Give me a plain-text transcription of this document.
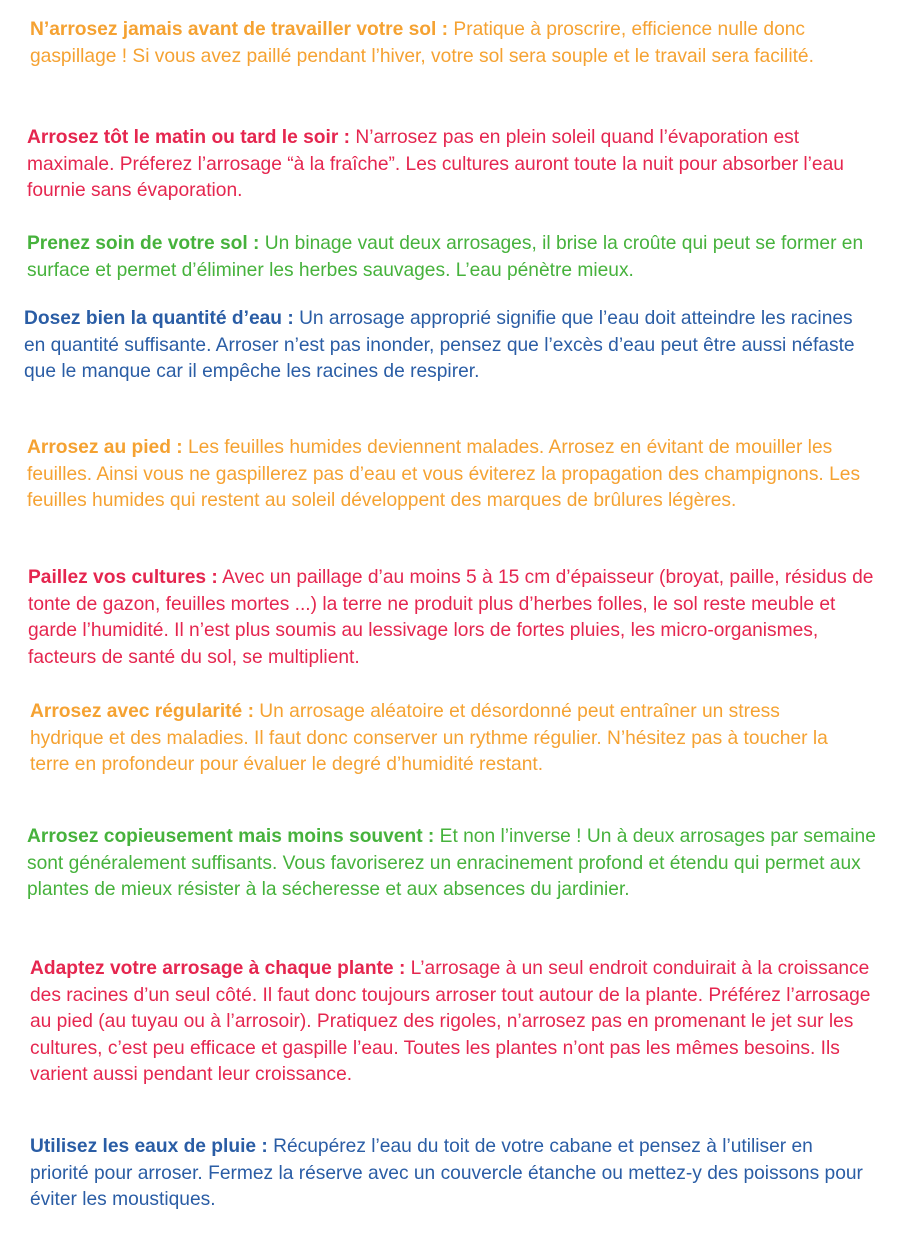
N’arrosez jamais avant de travailler votre sol : Pratique à proscrire, efficience nulle donc gaspillage ! Si vous avez paillé pendant l’hiver, votre sol sera souple et le travail sera facilité.

Arrosez tôt le matin ou tard le soir : N’arrosez pas en plein soleil quand l’évaporation est maximale. Préferez l’arrosage “à la fraîche”. Les cultures auront toute la nuit pour absorber l’eau fournie sans évaporation.

Prenez soin de votre sol : Un binage vaut deux arrosages, il brise la croûte qui peut se former en surface et permet d’éliminer les herbes sauvages. L’eau pénètre mieux.

Dosez bien la quantité d’eau : Un arrosage approprié signifie que l’eau doit atteindre les racines en quantité suffisante. Arroser n’est pas inonder, pensez que l’excès d’eau peut être aussi néfaste que le manque car il empêche les racines de respirer.

Arrosez au pied : Les feuilles humides deviennent malades. Arrosez en évitant de mouiller les feuilles. Ainsi vous ne gaspillerez pas d’eau et vous éviterez la propagation des champignons. Les feuilles humides qui restent au soleil développent des marques de brûlures légères.

Paillez vos cultures : Avec un paillage d’au moins 5 à 15 cm d’épaisseur (broyat, paille, résidus de tonte de gazon, feuilles mortes ...) la terre ne produit plus d’herbes folles, le sol reste meuble et garde l’humidité. Il n’est plus soumis au lessivage lors de fortes pluies, les micro-organismes, facteurs de santé du sol, se multiplient.

Arrosez avec régularité : Un arrosage aléatoire et désordonné peut entraîner un stress hydrique et des maladies. Il faut donc conserver un rythme régulier. N’hésitez pas à toucher la terre en profondeur pour évaluer le degré d’humidité restant.

Arrosez copieusement mais moins souvent : Et non l’inverse ! Un à deux arrosages par semaine sont généralement suffisants. Vous favoriserez un enracinement profond et étendu qui permet aux plantes de mieux résister à la sécheresse et aux absences du jardinier.

Adaptez votre arrosage à chaque plante : L’arrosage à un seul endroit conduirait à la croissance des racines d’un seul côté. Il faut donc toujours arroser tout autour de la plante. Préférez l’arrosage au pied (au tuyau ou à l’arrosoir). Pratiquez des rigoles, n’arrosez pas en promenant le jet sur les cultures, c’est peu efficace et gaspille l’eau. Toutes les plantes n’ont pas les mêmes besoins. Ils varient aussi pendant leur croissance.

Utilisez les eaux de pluie : Récupérez l’eau du toit de votre cabane et pensez à l’utiliser en priorité pour arroser. Fermez la réserve avec un couvercle étanche ou mettez-y des poissons pour éviter les moustiques.
